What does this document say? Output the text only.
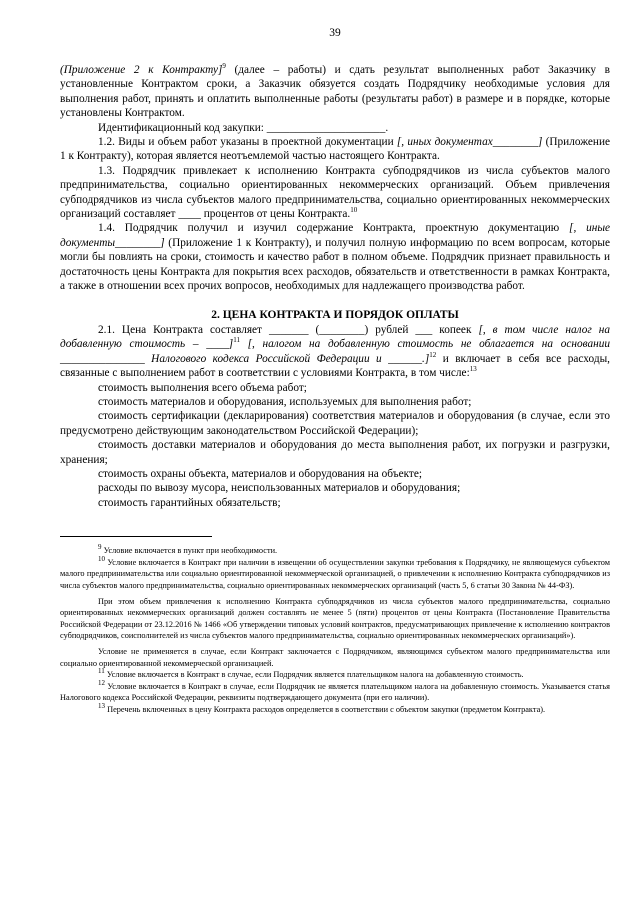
39

(Приложение 2 к Контракту]$^9$ (далее – работы) и сдать результат выполненных работ Заказчику в установленные Контрактом сроки, а Заказчик обязуется создать Подрядчику необходимые условия для выполнения работ, принять и оплатить выполненные работы (результаты работ) в размере и в порядке, которые установлены Контрактом.

Идентификационный код закупки: _____________________.

1.2. Виды и объем работ указаны в проектной документации [, иных документах________] (Приложение 1 к Контракту), которая является неотъемлемой частью настоящего Контракта.

1.3. Подрядчик привлекает к исполнению Контракта субподрядчиков из числа субъектов малого предпринимательства, социально ориентированных некоммерческих организаций. Объем привлечения субподрядчиков из числа субъектов малого предпринимательства, социально ориентированных некоммерческих организаций составляет ____ процентов от цены Контракта.$^{10}$

1.4. Подрядчик получил и изучил содержание Контракта, проектную документацию [, иные документы________] (Приложение 1 к Контракту), и получил полную информацию по всем вопросам, которые могли бы повлиять на сроки, стоимость и качество работ в полном объеме. Подрядчик признает правильность и достаточность цены Контракта для покрытия всех расходов, обязательств и ответственности в рамках Контракта, а также в отношении всех прочих вопросов, необходимых для надлежащего производства работ.

2. ЦЕНА КОНТРАКТА И ПОРЯДОК ОПЛАТЫ

2.1. Цена Контракта составляет _______ (________) рублей ___ копеек [, в том числе налог на добавленную стоимость – ____]$^{11}$ [, налогом на добавленную стоимость не облагается на основании _______________ Налогового кодекса Российской Федерации и ______.]$^{12}$ и включает в себя все расходы, связанные с выполнением работ в соответствии с условиями Контракта, в том числе:$^{13}$

стоимость выполнения всего объема работ;

стоимость материалов и оборудования, используемых для выполнения работ;

стоимость сертификации (декларирования) соответствия материалов и оборудования (в случае, если это предусмотрено действующим законодательством Российской Федерации);

стоимость доставки материалов и оборудования до места выполнения работ, их погрузки и разгрузки, хранения;

стоимость охраны объекта, материалов и оборудования на объекте;

расходы по вывозу мусора, неиспользованных материалов и оборудования;

стоимость гарантийных обязательств;

$^9$ Условие включается в пункт при необходимости.

$^{10}$ Условие включается в Контракт при наличии в извещении об осуществлении закупки требования к Подрядчику, не являющемуся субъектом малого предпринимательства или социально ориентированной некоммерческой организацией, о привлечении к исполнению Контракта субподрядчиков из числа субъектов малого предпринимательства, социально ориентированных некоммерческих организаций (часть 5, 6 статьи 30 Закона № 44-ФЗ).

При этом объем привлечения к исполнению Контракта субподрядчиков из числа субъектов малого предпринимательства, социально ориентированных некоммерческих организаций должен составлять не менее 5 (пяти) процентов от цены Контракта (Постановление Правительства Российской Федерации от 23.12.2016 № 1466 «Об утверждении типовых условий контрактов, предусматривающих привлечение к исполнению контрактов субподрядчиков, соисполнителей из числа субъектов малого предпринимательства, социально ориентированных некоммерческих организаций»).

Условие не применяется в случае, если Контракт заключается с Подрядчиком, являющимся субъектом малого предпринимательства или социально ориентированной некоммерческой организацией.

$^{11}$ Условие включается в Контракт в случае, если Подрядчик является плательщиком налога на добавленную стоимость.

$^{12}$ Условие включается в Контракт в случае, если Подрядчик не является плательщиком налога на добавленную стоимость. Указывается статья Налогового кодекса Российской Федерации, реквизиты подтверждающего документа (при его наличии).

$^{13}$ Перечень включенных в цену Контракта расходов определяется в соответствии с объектом закупки (предметом Контракта).
